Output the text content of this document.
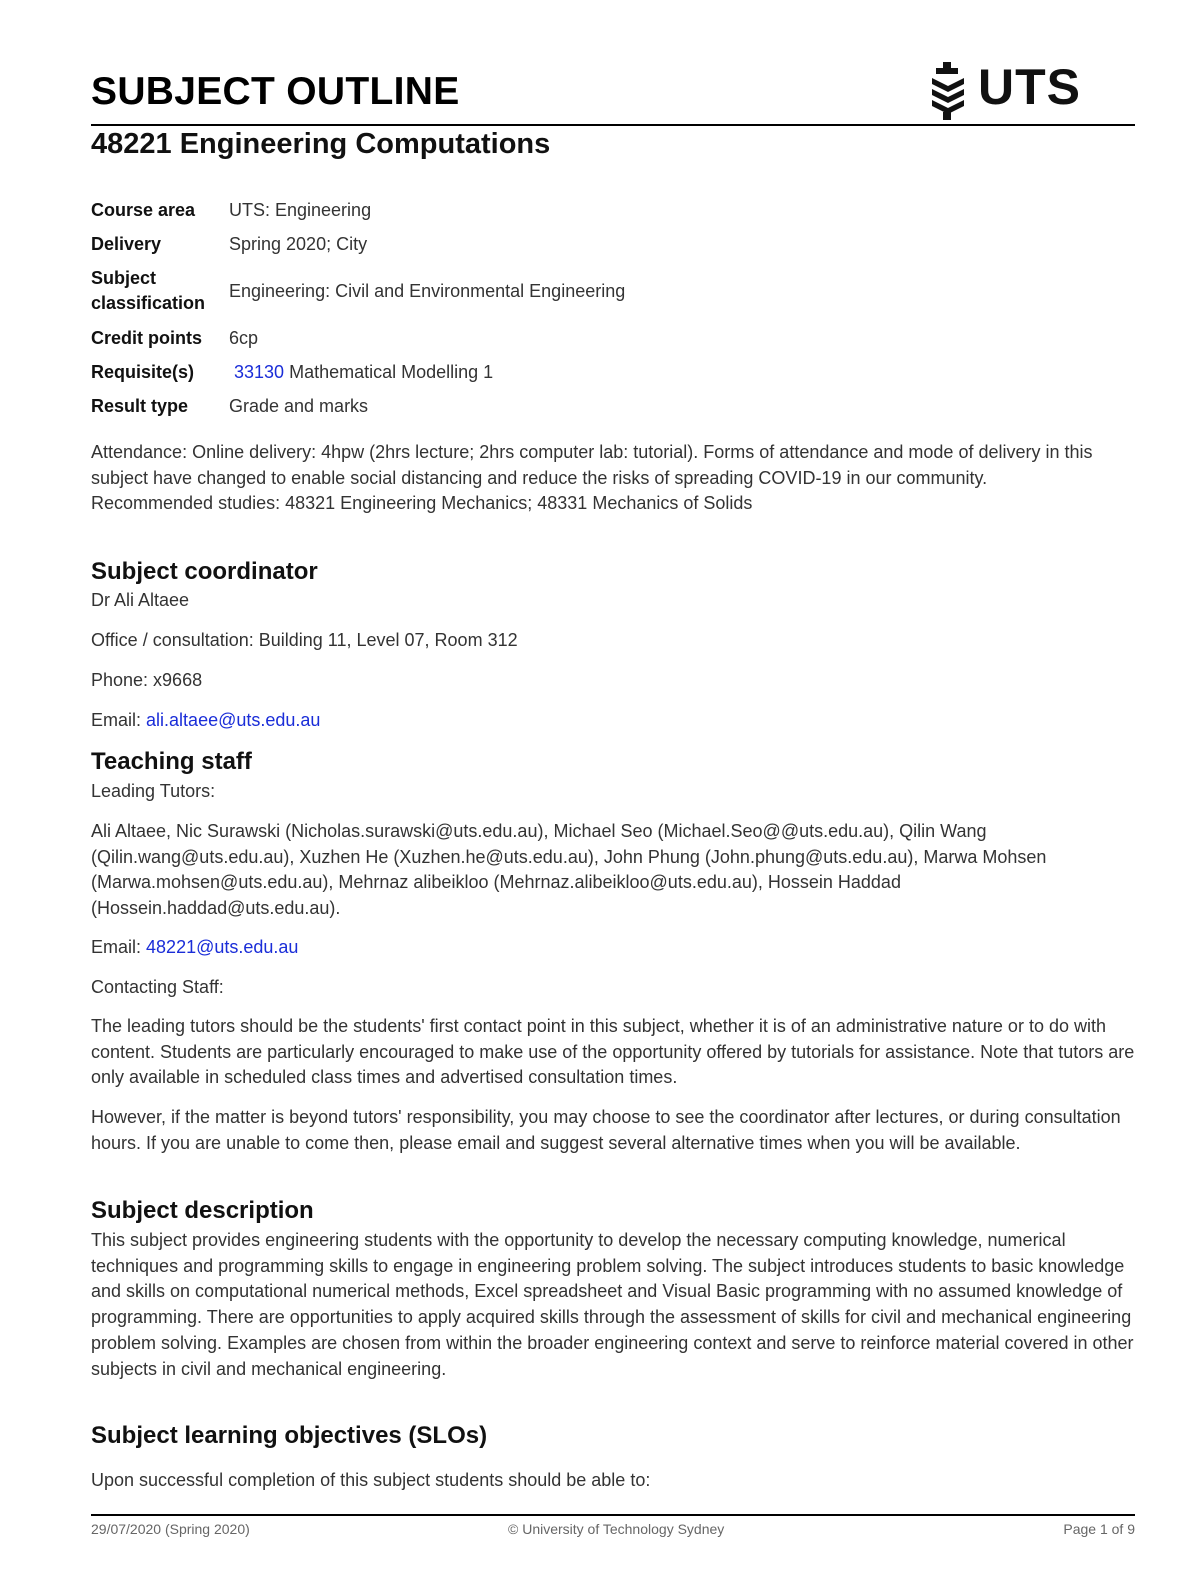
SUBJECT OUTLINE	UTS
48221 Engineering Computations
Course area	UTS: Engineering
Delivery	Spring 2020; City
Subject
classification	Engineering: Civil and Environmental Engineering
Credit points	6cp
Requisite(s)	33130 Mathematical Modelling 1
Result type	Grade and marks

Attendance: Online delivery: 4hpw (2hrs lecture; 2hrs computer lab: tutorial). Forms of attendance and mode of delivery in this subject have changed to enable social distancing and reduce the risks of spreading COVID-19 in our community.

Recommended studies: 48321 Engineering Mechanics; 48331 Mechanics of Solids

Subject coordinator
Dr Ali Altaee
Office / consultation: Building 11, Level 07, Room 312
Phone: x9668
Email: ali.altaee@uts.edu.au
Teaching staff
Leading Tutors:
Ali Altaee, Nic Surawski (Nicholas.surawski@uts.edu.au), Michael Seo (Michael.Seo@@uts.edu.au), Qilin Wang (Qilin.wang@uts.edu.au), Xuzhen He (Xuzhen.he@uts.edu.au), John Phung (John.phung@uts.edu.au), Marwa Mohsen (Marwa.mohsen@uts.edu.au), Mehrnaz alibeikloo (Mehrnaz.alibeikloo@uts.edu.au), Hossein Haddad (Hossein.haddad@uts.edu.au).
Email: 48221@uts.edu.au
Contacting Staff:
The leading tutors should be the students' first contact point in this subject, whether it is of an administrative nature or to do with content. Students are particularly encouraged to make use of the opportunity offered by tutorials for assistance. Note that tutors are only available in scheduled class times and advertised consultation times.
However, if the matter is beyond tutors' responsibility, you may choose to see the coordinator after lectures, or during consultation hours. If you are unable to come then, please email and suggest several alternative times when you will be available.
Subject description
This subject provides engineering students with the opportunity to develop the necessary computing knowledge, numerical techniques and programming skills to engage in engineering problem solving. The subject introduces students to basic knowledge and skills on computational numerical methods, Excel spreadsheet and Visual Basic programming with no assumed knowledge of programming. There are opportunities to apply acquired skills through the assessment of skills for civil and mechanical engineering problem solving. Examples are chosen from within the broader engineering context and serve to reinforce material covered in other subjects in civil and mechanical engineering.
Subject learning objectives (SLOs)
Upon successful completion of this subject students should be able to:
29/07/2020 (Spring 2020)	© University of Technology Sydney	Page 1 of 9
